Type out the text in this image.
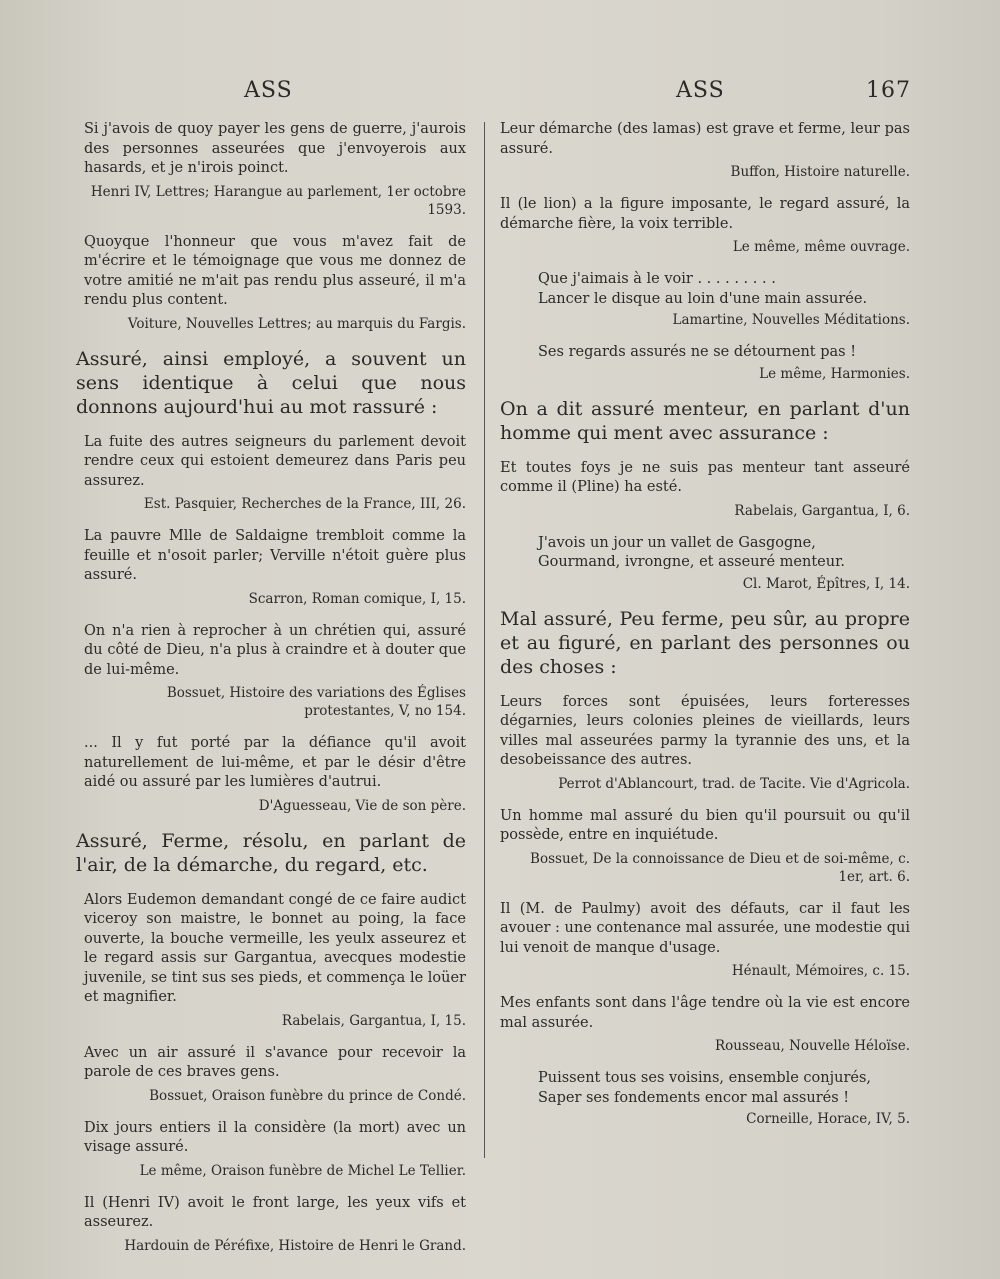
ASS	ASS	167

Si j'avois de quoy payer les gens de guerre, j'aurois des personnes asseurées que j'envoyerois aux hasards, et je n'irois poinct.

Henri IV, Lettres; Harangue au parlement, 1er octobre 1593.

Quoyque l'honneur que vous m'avez fait de m'écrire et le témoignage que vous me donnez de votre amitié ne m'ait pas rendu plus asseuré, il m'a rendu plus content.

Voiture, Nouvelles Lettres; au marquis du Fargis.

Assuré, ainsi employé, a souvent un sens identique à celui que nous donnons aujourd'hui au mot rassuré :

La fuite des autres seigneurs du parlement devoit rendre ceux qui estoient demeurez dans Paris peu assurez.

Est. Pasquier, Recherches de la France, III, 26.

La pauvre Mlle de Saldaigne trembloit comme la feuille et n'osoit parler; Verville n'étoit guère plus assuré.

Scarron, Roman comique, I, 15.

On n'a rien à reprocher à un chrétien qui, assuré du côté de Dieu, n'a plus à craindre et à douter que de lui-même.

Bossuet, Histoire des variations des Églises protestantes, V, no 154.

... Il y fut porté par la défiance qu'il avoit naturellement de lui-même, et par le désir d'être aidé ou assuré par les lumières d'autrui.

D'Aguesseau, Vie de son père.

Assuré, Ferme, résolu, en parlant de l'air, de la démarche, du regard, etc.

Alors Eudemon demandant congé de ce faire audict viceroy son maistre, le bonnet au poing, la face ouverte, la bouche vermeille, les yeulx asseurez et le regard assis sur Gargantua, avecques modestie juvenile, se tint sus ses pieds, et commença le loüer et magnifier.

Rabelais, Gargantua, I, 15.

Avec un air assuré il s'avance pour recevoir la parole de ces braves gens.

Bossuet, Oraison funèbre du prince de Condé.

Dix jours entiers il la considère (la mort) avec un visage assuré.

Le même, Oraison funèbre de Michel Le Tellier.

Il (Henri IV) avoit le front large, les yeux vifs et asseurez.

Hardouin de Péréfixe, Histoire de Henri le Grand.

Leur démarche (des lamas) est grave et ferme, leur pas assuré.

Buffon, Histoire naturelle.

Il (le lion) a la figure imposante, le regard assuré, la démarche fière, la voix terrible.

Le même, même ouvrage.

Que j'aimais à le voir . . . . . . . . .

Lancer le disque au loin d'une main assurée.

Lamartine, Nouvelles Méditations.

Ses regards assurés ne se détournent pas !

Le même, Harmonies.

On a dit assuré menteur, en parlant d'un homme qui ment avec assurance :

Et toutes foys je ne suis pas menteur tant asseuré comme il (Pline) ha esté.

Rabelais, Gargantua, I, 6.

J'avois un jour un vallet de Gasgogne,

Gourmand, ivrongne, et asseuré menteur.

Cl. Marot, Épîtres, I, 14.

Mal assuré, Peu ferme, peu sûr, au propre et au figuré, en parlant des personnes ou des choses :

Leurs forces sont épuisées, leurs forteresses dégarnies, leurs colonies pleines de vieillards, leurs villes mal asseurées parmy la tyrannie des uns, et la desobeissance des autres.

Perrot d'Ablancourt, trad. de Tacite. Vie d'Agricola.

Un homme mal assuré du bien qu'il poursuit ou qu'il possède, entre en inquiétude.

Bossuet, De la connoissance de Dieu et de soi-même, c. 1er, art. 6.

Il (M. de Paulmy) avoit des défauts, car il faut les avouer : une contenance mal assurée, une modestie qui lui venoit de manque d'usage.

Hénault, Mémoires, c. 15.

Mes enfants sont dans l'âge tendre où la vie est encore mal assurée.

Rousseau, Nouvelle Héloïse.

Puissent tous ses voisins, ensemble conjurés,

Saper ses fondements encor mal assurés !

Corneille, Horace, IV, 5.
